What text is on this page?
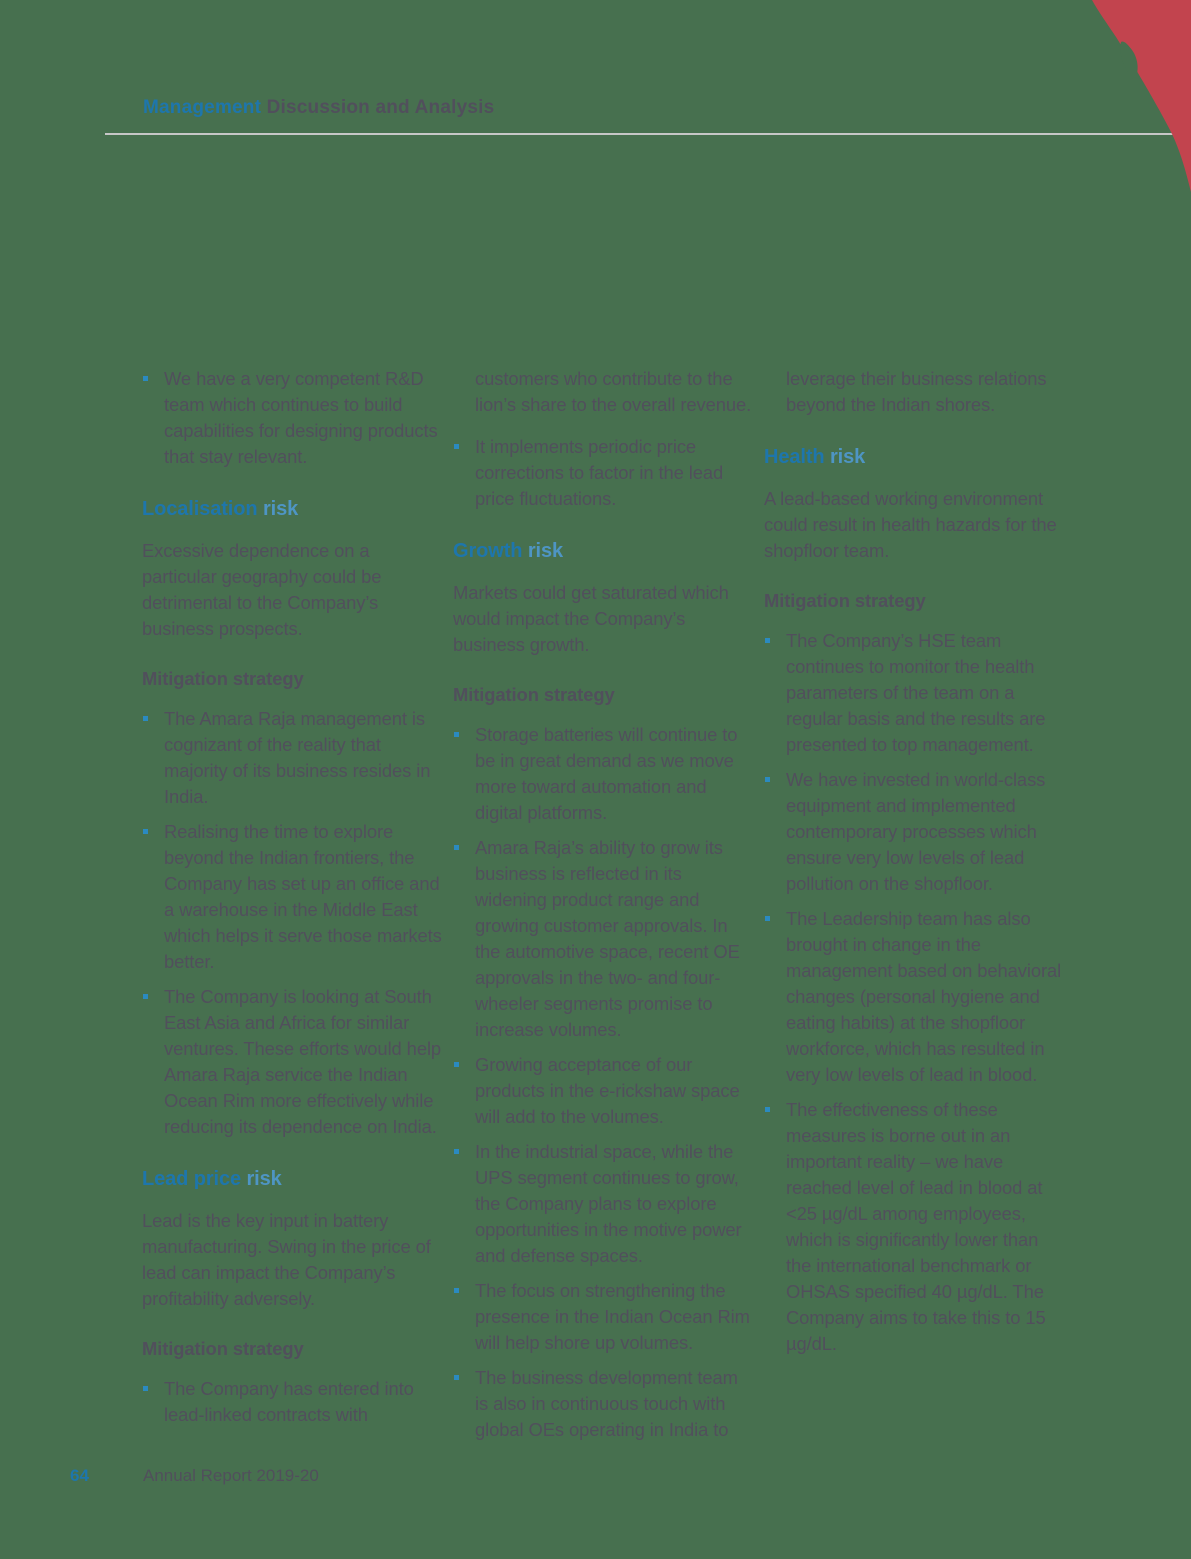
Management Discussion and Analysis
We have a very competent R&D team which continues to build capabilities for designing products that stay relevant.
Localisation risk

Excessive dependence on a particular geography could be detrimental to the Company’s business prospects.

Mitigation strategy
The Amara Raja management is cognizant of the reality that majority of its business resides in India.
Realising the time to explore beyond the Indian frontiers, the Company has set up an office and a warehouse in the Middle East which helps it serve those markets better.
The Company is looking at South East Asia and Africa for similar ventures. These efforts would help Amara Raja service the Indian Ocean Rim more effectively while reducing its dependence on India.
Lead price risk

Lead is the key input in battery manufacturing. Swing in the price of lead can impact the Company’s profitability adversely.

Mitigation strategy
The Company has entered into lead-linked contracts with

customers who contribute to the lion’s share to the overall revenue.

It implements periodic price corrections to factor in the lead price fluctuations.
Growth risk

Markets could get saturated which would impact the Company’s business growth.

Mitigation strategy
Storage batteries will continue to be in great demand as we move more toward automation and digital platforms.
Amara Raja’s ability to grow its business is reflected in its widening product range and growing customer approvals. In the automotive space, recent OE approvals in the two- and four-wheeler segments promise to increase volumes.
Growing acceptance of our products in the e-rickshaw space will add to the volumes.
In the industrial space, while the UPS segment continues to grow, the Company plans to explore opportunities in the motive power and defense spaces.
The focus on strengthening the presence in the Indian Ocean Rim will help shore up volumes.
The business development team is also in continuous touch with global OEs operating in India to

leverage their business relations beyond the Indian shores.

Health risk

A lead-based working environment could result in health hazards for the shopfloor team.

Mitigation strategy
The Company’s HSE team continues to monitor the health parameters of the team on a regular basis and the results are presented to top management.
We have invested in world-class equipment and implemented contemporary processes which ensure very low levels of lead pollution on the shopfloor.
The Leadership team has also brought in change in the management based on behavioral changes (personal hygiene and eating habits) at the shopfloor workforce, which has resulted in very low levels of lead in blood.
The effectiveness of these measures is borne out in an important reality – we have reached level of lead in blood at <25 µg/dL among employees, which is significantly lower than the international benchmark or OHSAS specified 40 µg/dL. The Company aims to take this to 15 µg/dL.
64	Annual Report 2019-20
